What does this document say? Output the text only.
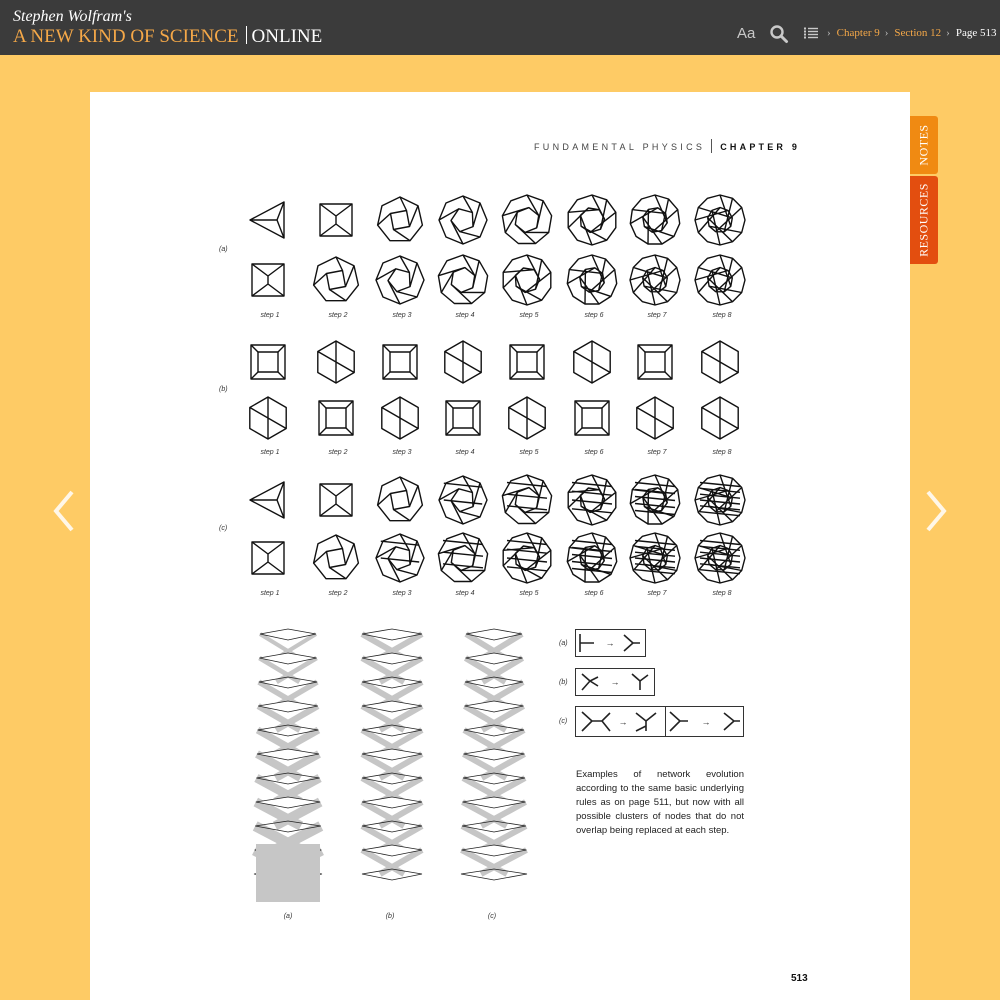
Stephen Wolfram's
A NEW KIND OF SCIENCE ONLINE	Aa	› Chapter 9 › Section 12 › Page 513
NOTES
RESOURCES
FUNDAMENTAL PHYSICS CHAPTER 9
(a)
(b)
(c)
step 1	step 2	step 3	step 4	step 5	step 6	step 7	step 8
step 1	step 2	step 3	step 4	step 5	step 6	step 7	step 8
step 1	step 2	step 3	step 4	step 5	step 6	step 7	step 8
(a)	(b)	(c)
(a)
(b)
(c)
→
→
→	→
Examples of network evolution according to the same basic underlying rules as on page 511, but now with all possible clusters of nodes that do not overlap being replaced at each step.
513
